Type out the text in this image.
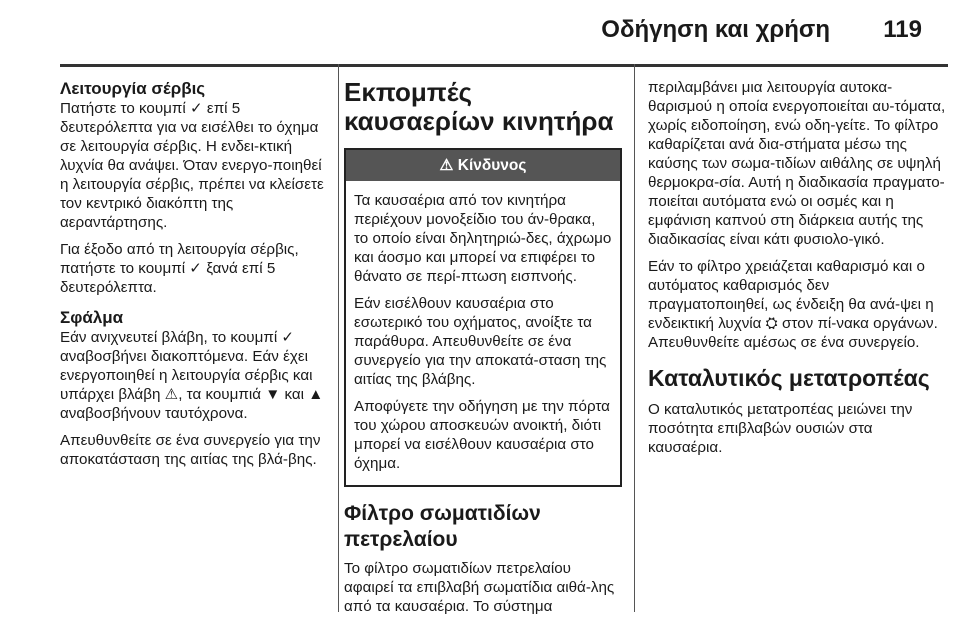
Οδήγηση και χρήση 119
Λειτουργία σέρβις

Πατήστε το κουμπί ✓ επί 5 δευτερόλεπτα για να εισέλθει το όχημα σε λειτουργία σέρβις. Η ενδει-κτική λυχνία θα ανάψει. Όταν ενεργο-ποιηθεί η λειτουργία σέρβις, πρέπει να κλείσετε τον κεντρικό διακόπτη της αεραντάρτησης.

Για έξοδο από τη λειτουργία σέρβις, πατήστε το κουμπί ✓ ξανά επί 5 δευτερόλεπτα.

Σφάλμα

Εάν ανιχνευτεί βλάβη, το κουμπί ✓ αναβοσβήνει διακοπτόμενα. Εάν έχει ενεργοποιηθεί η λειτουργία σέρβις και υπάρχει βλάβη ⚠, τα κουμπιά ▼ και ▲ αναβοσβήνουν ταυτόχρονα.

Απευθυνθείτε σε ένα συνεργείο για την αποκατάσταση της αιτίας της βλά-βης.

Εκπομπές καυσαερίων κινητήρα
⚠ Κίνδυνος

Τα καυσαέρια από τον κινητήρα περιέχουν μονοξείδιο του άν-θρακα, το οποίο είναι δηλητηριώ-δες, άχρωμο και άοσμο και μπορεί να επιφέρει το θάνατο σε περί-πτωση εισπνοής.

Εάν εισέλθουν καυσαέρια στο εσωτερικό του οχήματος, ανοίξτε τα παράθυρα. Απευθυνθείτε σε ένα συνεργείο για την αποκατά-σταση της αιτίας της βλάβης.

Αποφύγετε την οδήγηση με την πόρτα του χώρου αποσκευών ανοικτή, διότι μπορεί να εισέλθουν καυσαέρια στο όχημα.

Φίλτρο σωματιδίων πετρελαίου

Το φίλτρο σωματιδίων πετρελαίου αφαιρεί τα επιβλαβή σωματίδια αιθά-λης από τα καυσαέρια. Το σύστημα

περιλαμβάνει μια λειτουργία αυτοκα-θαρισμού η οποία ενεργοποιείται αυ-τόματα, χωρίς ειδοποίηση, ενώ οδη-γείτε. Το φίλτρο καθαρίζεται ανά δια-στήματα μέσω της καύσης των σωμα-τιδίων αιθάλης σε υψηλή θερμοκρα-σία. Αυτή η διαδικασία πραγματο-ποιείται αυτόματα ενώ οι οσμές και η εμφάνιση καπνού στη διάρκεια αυτής της διαδικασίας είναι κάτι φυσιολο-γικό.

Εάν το φίλτρο χρειάζεται καθαρισμό και ο αυτόματος καθαρισμός δεν πραγματοποιηθεί, ως ένδειξη θα ανά-ψει η ενδεικτική λυχνία ⛭ στον πί-νακα οργάνων. Απευθυνθείτε αμέσως σε ένα συνεργείο.

Καταλυτικός μετατροπέας

Ο καταλυτικός μετατροπέας μειώνει την ποσότητα επιβλαβών ουσιών στα καυσαέρια.
